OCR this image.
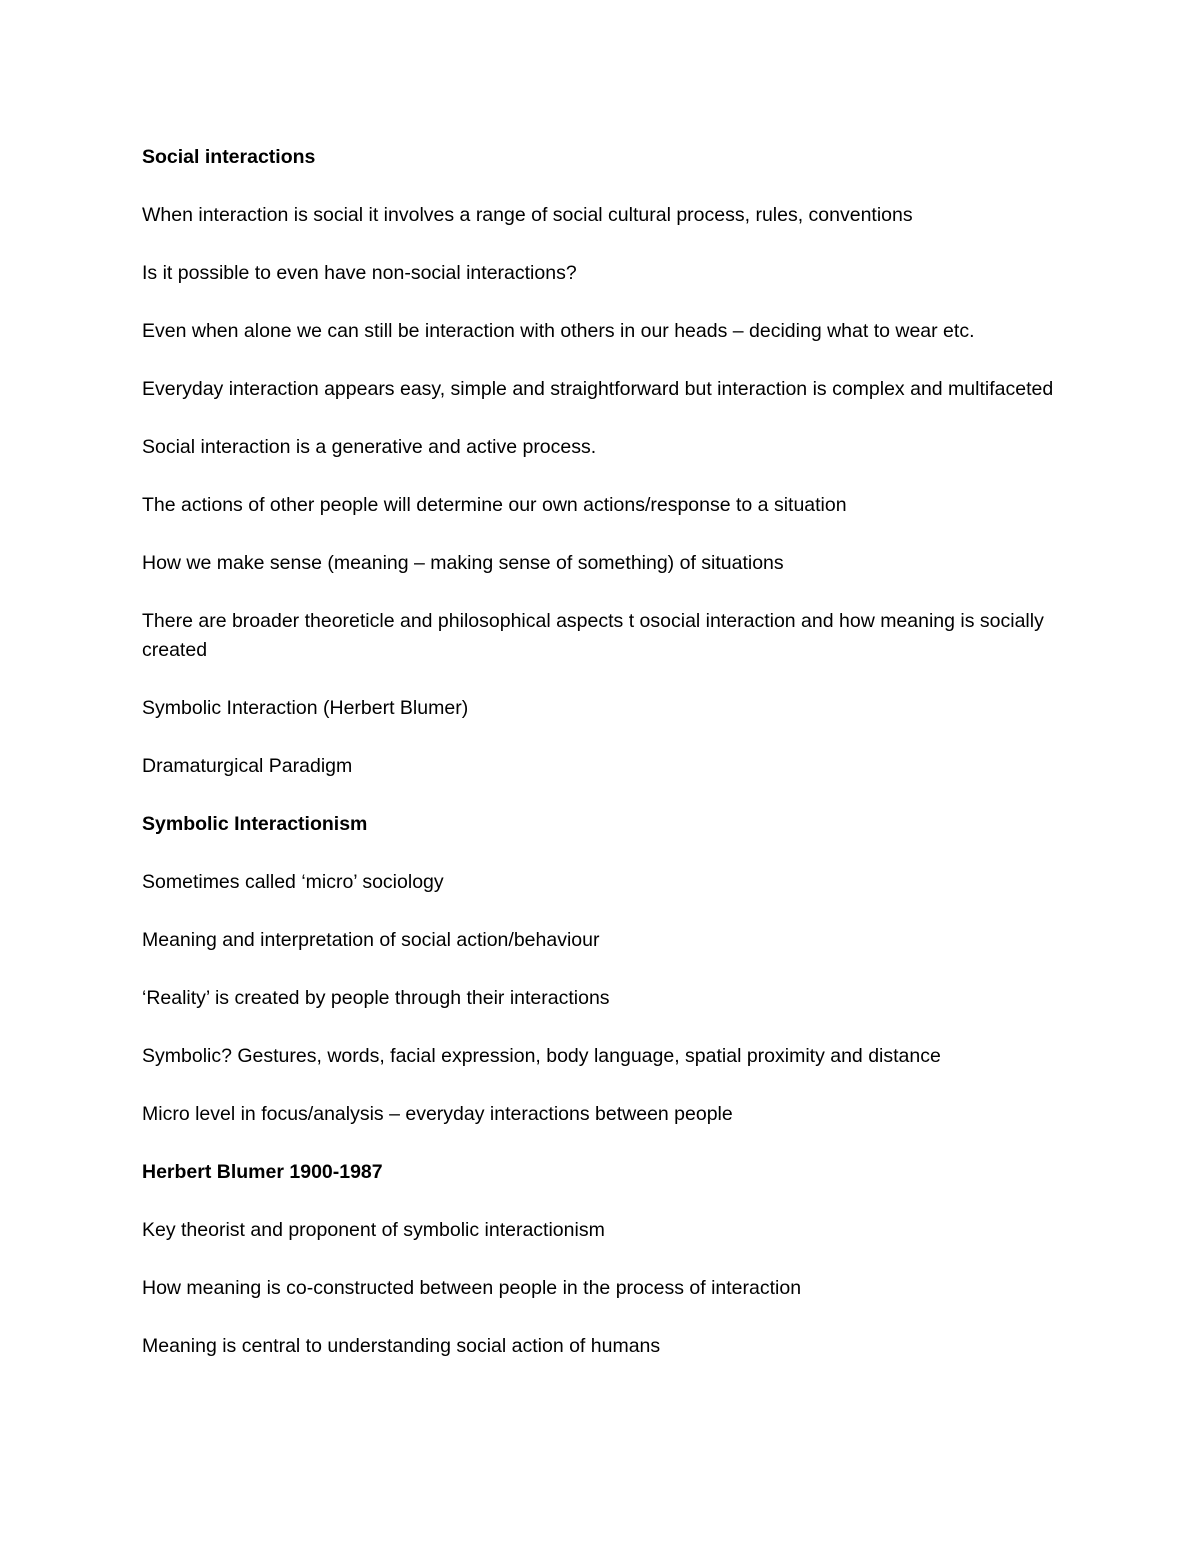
Social interactions

When interaction is social it involves a range of social cultural process, rules, conventions

Is it possible to even have non-social interactions?

Even when alone we can still be interaction with others in our heads – deciding what to wear etc.

Everyday interaction appears easy, simple and straightforward but interaction is complex and multifaceted

Social interaction is a generative and active process.

The actions of other people will determine our own actions/response to a situation

How we make sense (meaning – making sense of something) of situations

There are broader theoreticle and philosophical aspects t osocial interaction and how meaning is socially created

Symbolic Interaction (Herbert Blumer)

Dramaturgical Paradigm

Symbolic Interactionism

Sometimes called ‘micro’ sociology

Meaning and interpretation of social action/behaviour

‘Reality’ is created by people through their interactions

Symbolic? Gestures, words, facial expression, body language, spatial proximity and distance

Micro level in focus/analysis – everyday interactions between people

Herbert Blumer 1900-1987

Key theorist and proponent of symbolic interactionism

How meaning is co-constructed between people in the process of interaction

Meaning is central to understanding social action of humans
